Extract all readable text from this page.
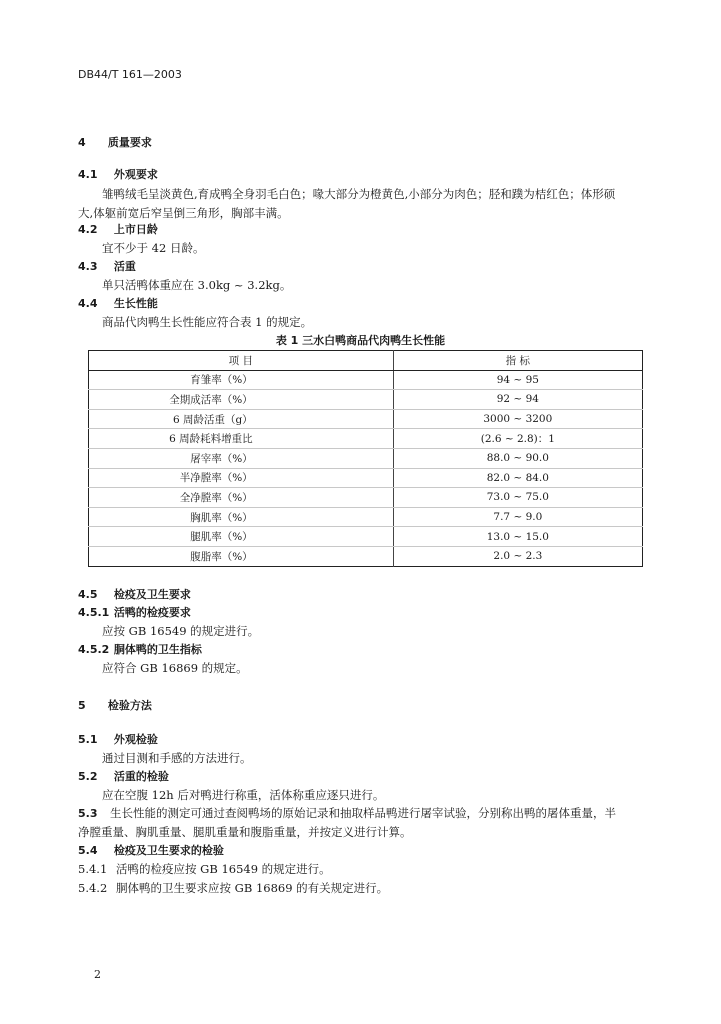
DB44/T 161—2003
4 质量要求
4.1 外观要求
雏鸭绒毛呈淡黄色,育成鸭全身羽毛白色；喙大部分为橙黄色,小部分为肉色；胫和蹼为桔红色；体形硕
大,体躯前宽后窄呈倒三角形，胸部丰满。
4.2 上市日龄
宜不少于 42 日龄。
4.3 活重
单只活鸭体重应在 3.0kg ~ 3.2kg。
4.4 生长性能
商品代肉鸭生长性能应符合表 1 的规定。
表 1 三水白鸭商品代肉鸭生长性能
项 目	指 标
育雏率（%）	94 ~ 95
全期成活率（%）	92 ~ 94
6 周龄活重（g）	3000 ~ 3200
6 周龄耗料增重比	(2.6 ~ 2.8)：1
屠宰率（%）	88.0 ~ 90.0
半净膛率（%）	82.0 ~ 84.0
全净膛率（%）	73.0 ~ 75.0
胸肌率（%）	7.7 ~ 9.0
腿肌率（%）	13.0 ~ 15.0
腹脂率（%）	2.0 ~ 2.3
4.5 检疫及卫生要求
4.5.1 活鸭的检疫要求
应按 GB 16549 的规定进行。
4.5.2 胴体鸭的卫生指标
应符合 GB 16869 的规定。
5 检验方法
5.1 外观检验
通过目测和手感的方法进行。
5.2 活重的检验
应在空腹 12h 后对鸭进行称重，活体称重应逐只进行。
5.3 生长性能的测定可通过查阅鸭场的原始记录和抽取样品鸭进行屠宰试验，分别称出鸭的屠体重量，半
净膛重量、胸肌重量、腿肌重量和腹脂重量，并按定义进行计算。
5.4 检疫及卫生要求的检验
5.4.1 活鸭的检疫应按 GB 16549 的规定进行。
5.4.2 胴体鸭的卫生要求应按 GB 16869 的有关规定进行。
2
